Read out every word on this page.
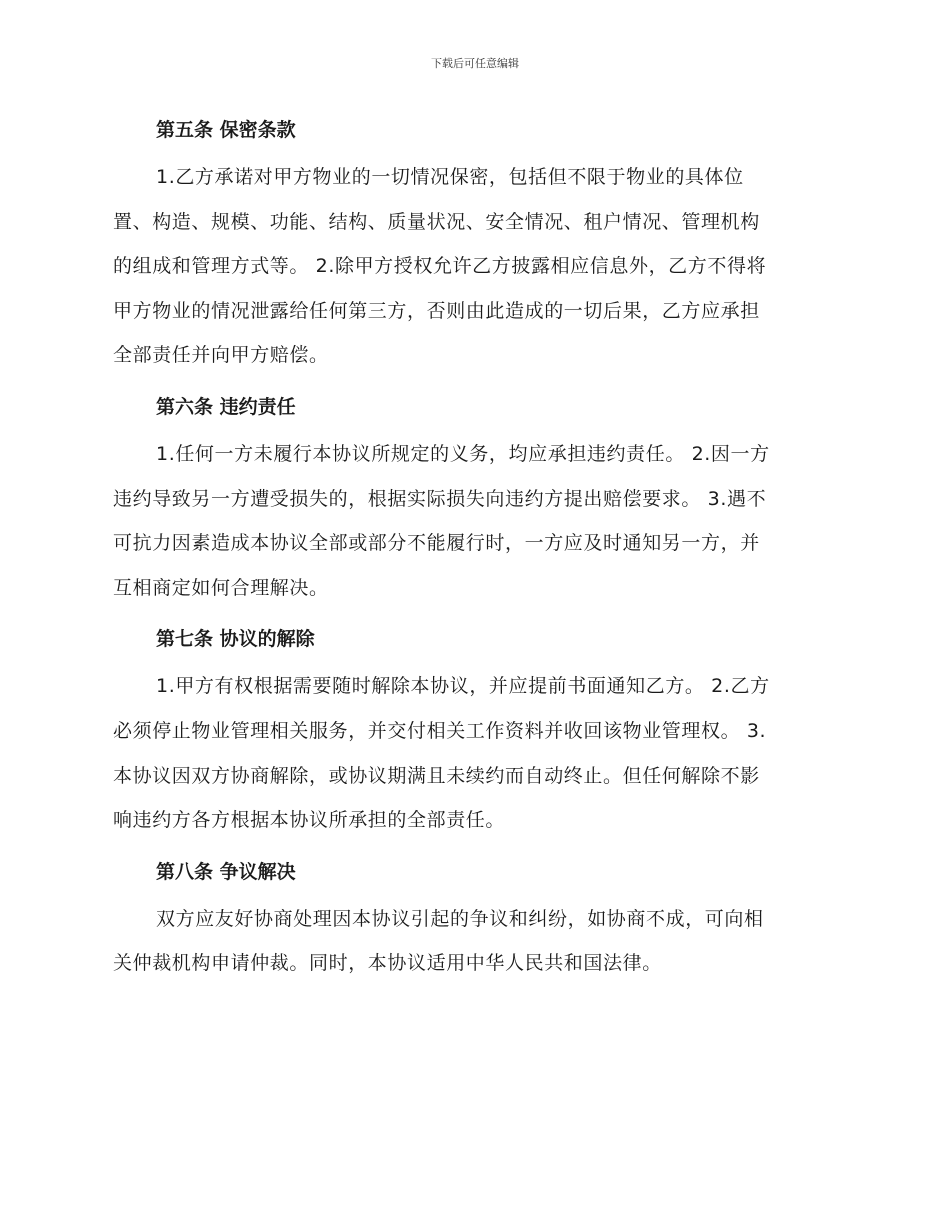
下载后可任意编辑
第五条 保密条款
1.乙方承诺对甲方物业的一切情况保密，包括但不限于物业的具体位
置、构造、规模、功能、结构、质量状况、安全情况、租户情况、管理机构
的组成和管理方式等。 2.除甲方授权允许乙方披露相应信息外，乙方不得将
甲方物业的情况泄露给任何第三方，否则由此造成的一切后果，乙方应承担
全部责任并向甲方赔偿。
第六条 违约责任
1.任何一方未履行本协议所规定的义务，均应承担违约责任。 2.因一方
违约导致另一方遭受损失的，根据实际损失向违约方提出赔偿要求。 3.遇不
可抗力因素造成本协议全部或部分不能履行时，一方应及时通知另一方，并
互相商定如何合理解决。
第七条 协议的解除
1.甲方有权根据需要随时解除本协议，并应提前书面通知乙方。 2.乙方
必须停止物业管理相关服务，并交付相关工作资料并收回该物业管理权。 3.
本协议因双方协商解除，或协议期满且未续约而自动终止。但任何解除不影
响违约方各方根据本协议所承担的全部责任。
第八条 争议解决
双方应友好协商处理因本协议引起的争议和纠纷，如协商不成，可向相
关仲裁机构申请仲裁。同时，本协议适用中华人民共和国法律。
